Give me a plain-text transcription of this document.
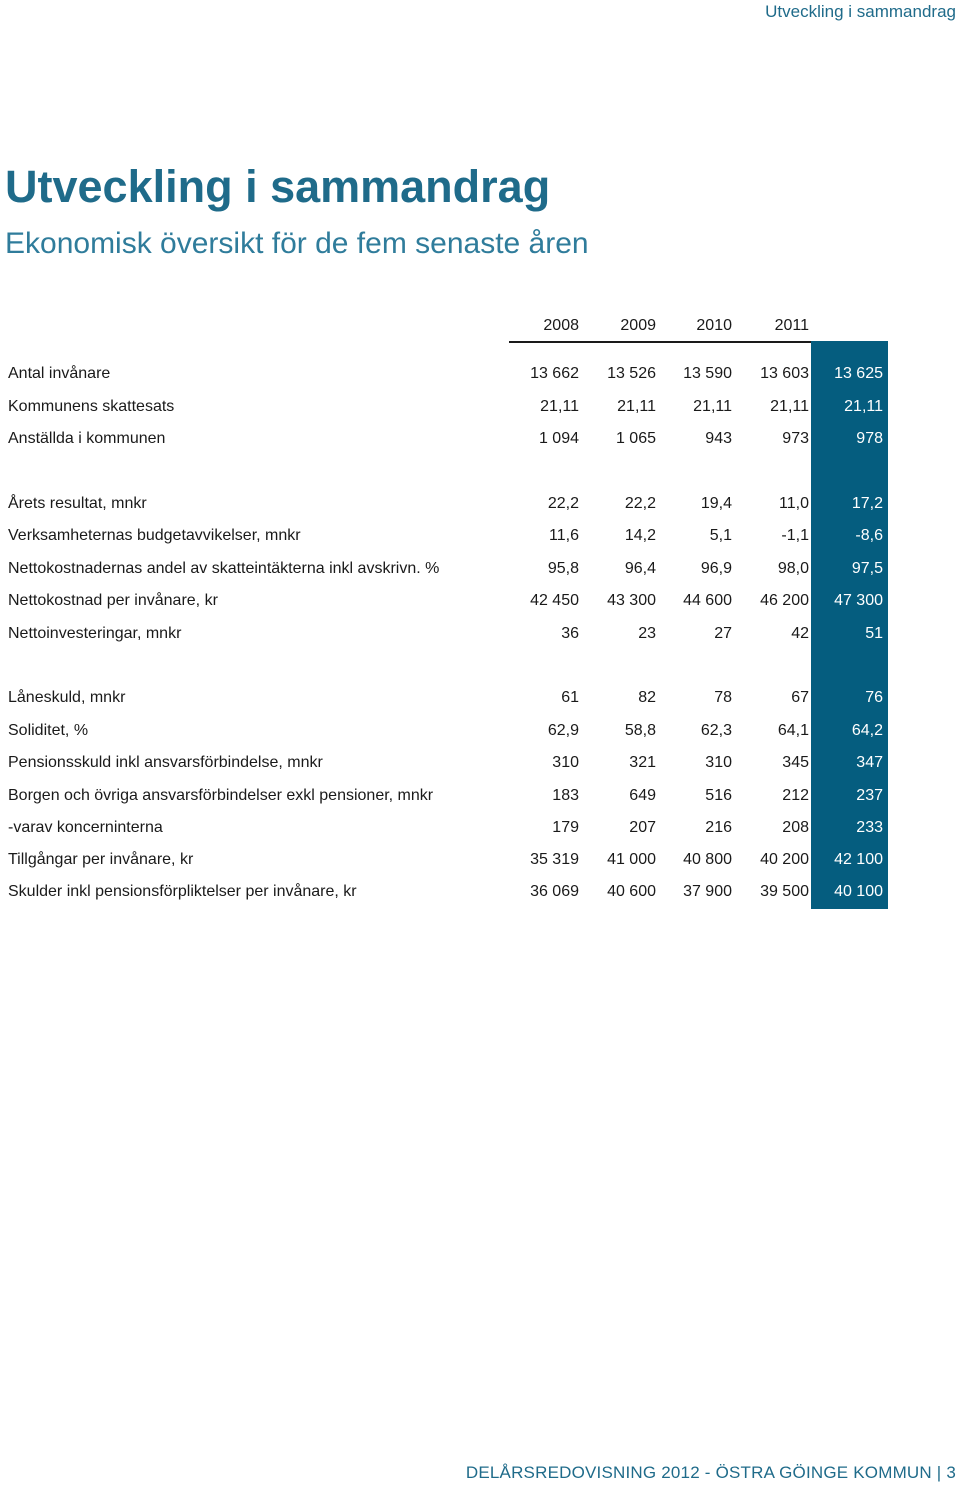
Utveckling i sammandrag
Utveckling i sammandrag
Ekonomisk översikt för de fem senaste åren
2008	2009	2010	2011	2012 P
Antal invånare	13 662	13 526	13 590	13 603	13 625
Kommunens skattesats	21,11	21,11	21,11	21,11	21,11
Anställda i kommunen	1 094	1 065	943	973	978
Årets resultat, mnkr	22,2	22,2	19,4	11,0	17,2
Verksamheternas budgetavvikelser, mnkr	11,6	14,2	5,1	-1,1	-8,6
Nettokostnadernas andel av skatteintäkterna inkl avskrivn. %	95,8	96,4	96,9	98,0	97,5
Nettokostnad per invånare, kr	42 450	43 300	44 600	46 200	47 300
Nettoinvesteringar, mnkr	36	23	27	42	51
Låneskuld, mnkr	61	82	78	67	76
Soliditet, %	62,9	58,8	62,3	64,1	64,2
Pensionsskuld inkl ansvarsförbindelse, mnkr	310	321	310	345	347
Borgen och övriga ansvarsförbindelser exkl pensioner, mnkr	183	649	516	212	237
-varav koncerninterna	179	207	216	208	233
Tillgångar per invånare, kr	35 319	41 000	40 800	40 200	42 100
Skulder inkl pensionsförpliktelser per invånare, kr	36 069	40 600	37 900	39 500	40 100
DELÅRSREDOVISNING 2012 - ÖSTRA GÖINGE KOMMUN | 3
